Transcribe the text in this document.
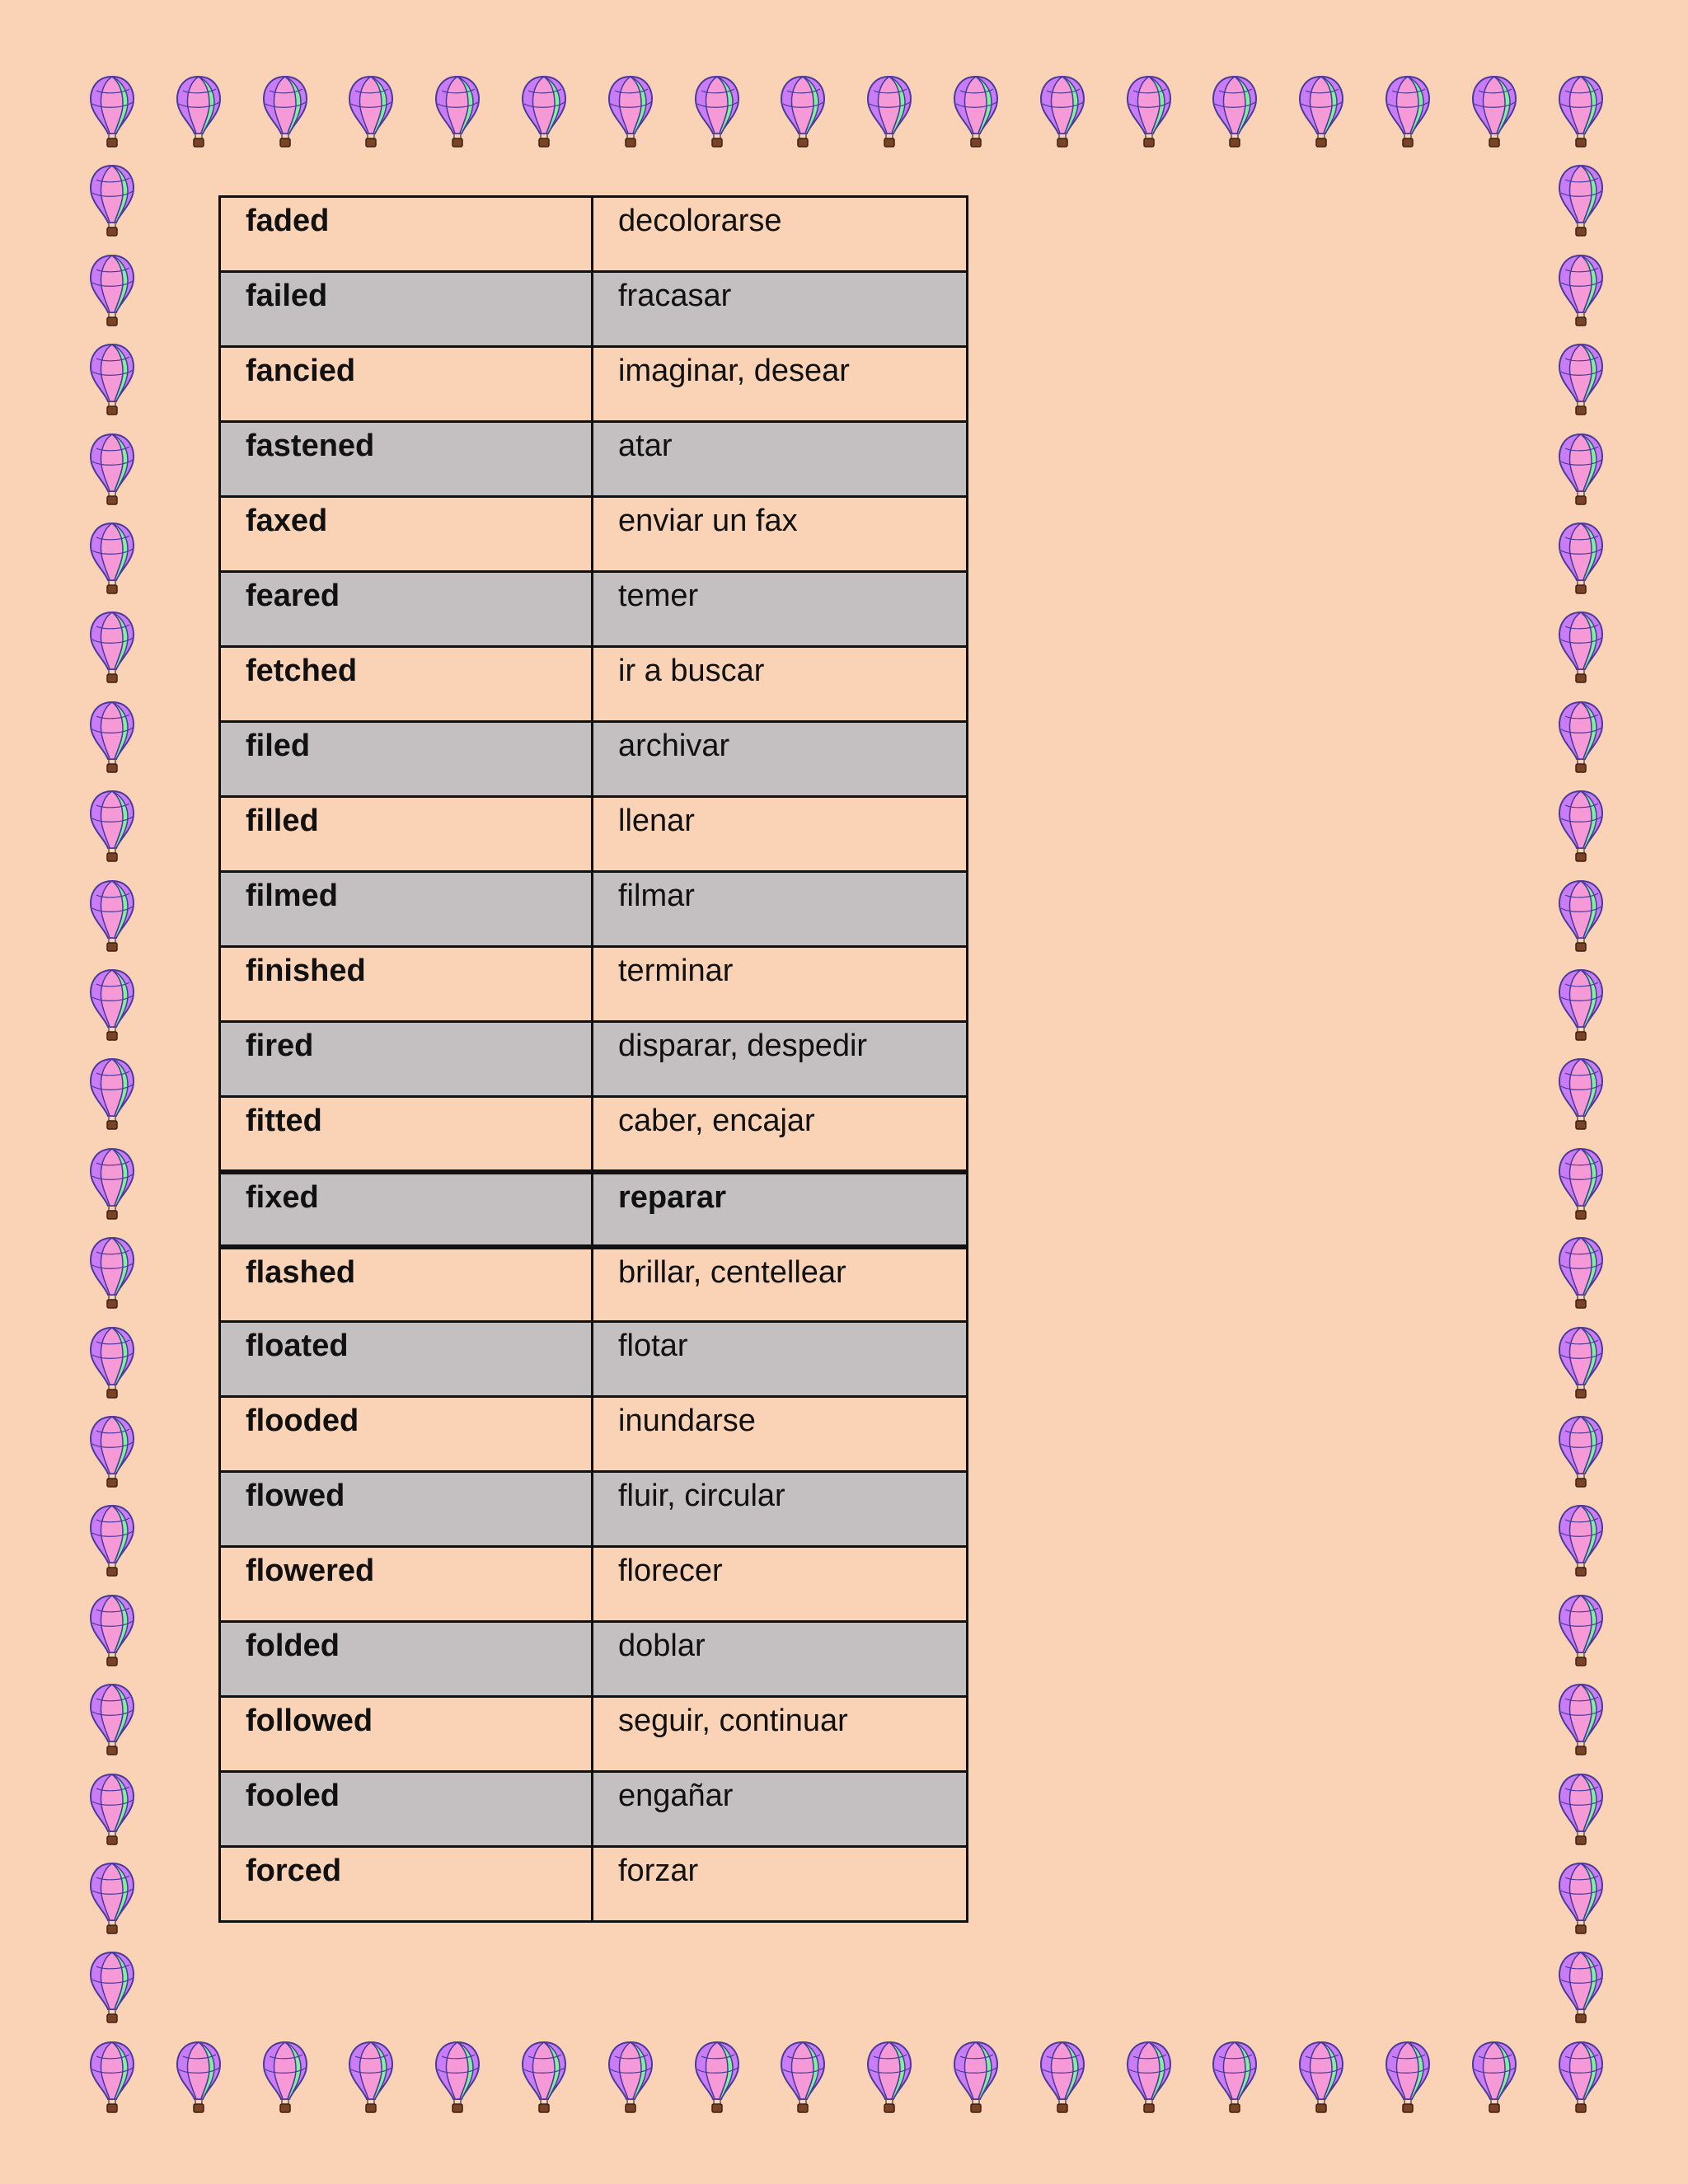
faded	decolorarse
failed	fracasar
fancied	imaginar, desear
fastened	atar
faxed	enviar un fax
feared	temer
fetched	ir a buscar
filed	archivar
filled	llenar
filmed	filmar
finished	terminar
fired	disparar, despedir
fitted	caber, encajar
fixed	reparar
flashed	brillar, centellear
floated	flotar
flooded	inundarse
flowed	fluir, circular
flowered	florecer
folded	doblar
followed	seguir, continuar
fooled	engañar
forced	forzar
